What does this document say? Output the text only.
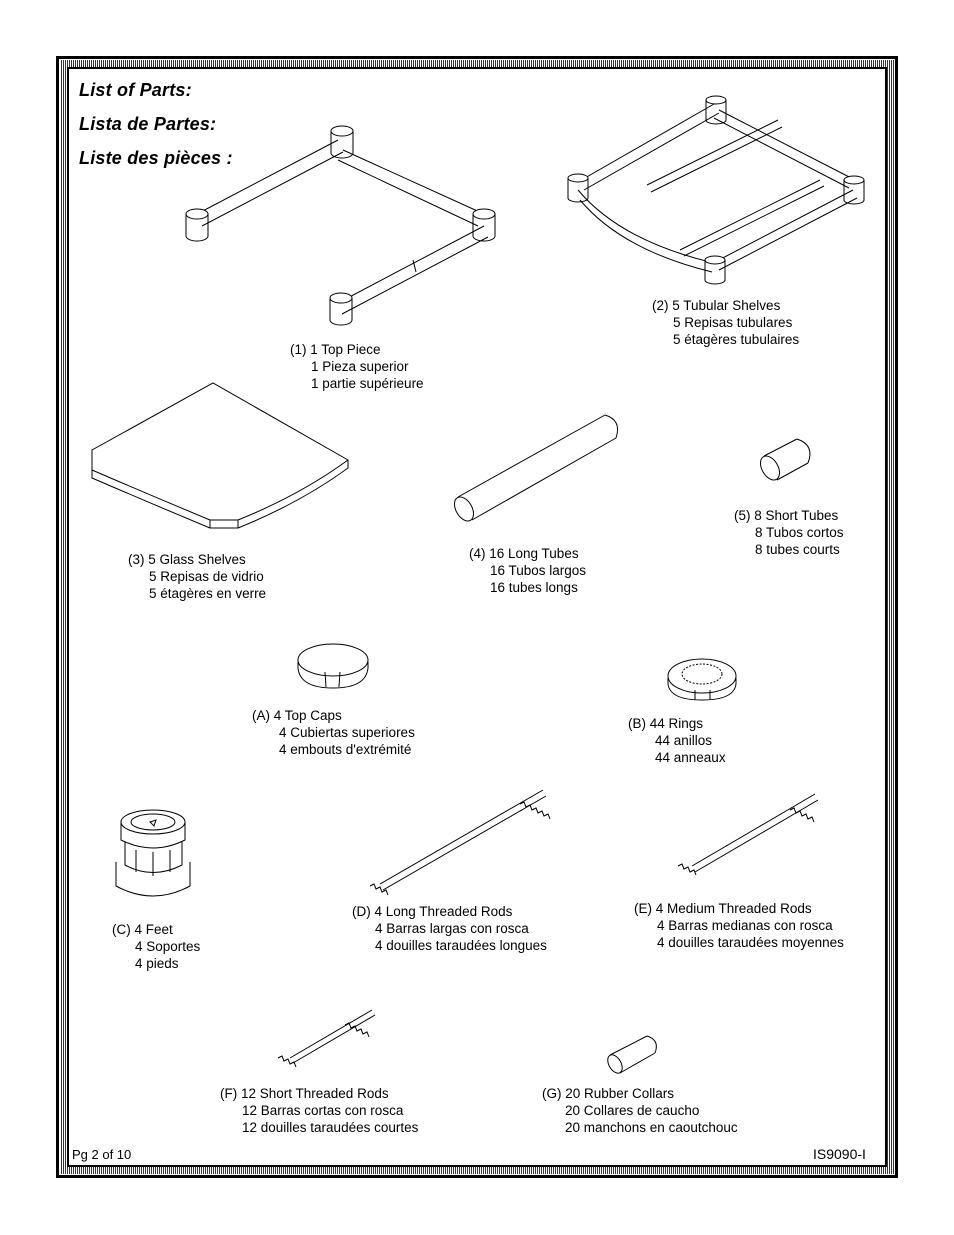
List of Parts:
Lista de Partes:
Liste des pièces :
(1) 1 Top Piece
1 Pieza superior
1 partie supérieure
(2) 5 Tubular Shelves
5 Repisas tubulares
5 étagères tubulaires
(3) 5 Glass Shelves
5 Repisas de vidrio
5 étagères en verre
(4) 16 Long Tubes
16 Tubos largos
16 tubes longs
(5) 8 Short Tubes
8 Tubos cortos
8 tubes courts
(A) 4 Top Caps
4 Cubiertas superiores
4 embouts d'extrémité
(B) 44 Rings
44 anillos
44 anneaux
(C) 4 Feet
4 Soportes
4 pieds
(D) 4 Long Threaded Rods
4 Barras largas con rosca
4 douilles taraudées longues
(E) 4 Medium Threaded Rods
4 Barras medianas con rosca
4 douilles taraudées moyennes
(F) 12 Short Threaded Rods
12 Barras cortas con rosca
12 douilles taraudées courtes
(G) 20 Rubber Collars
20 Collares de caucho
20 manchons en caoutchouc
Pg 2 of 10	IS9090-I
